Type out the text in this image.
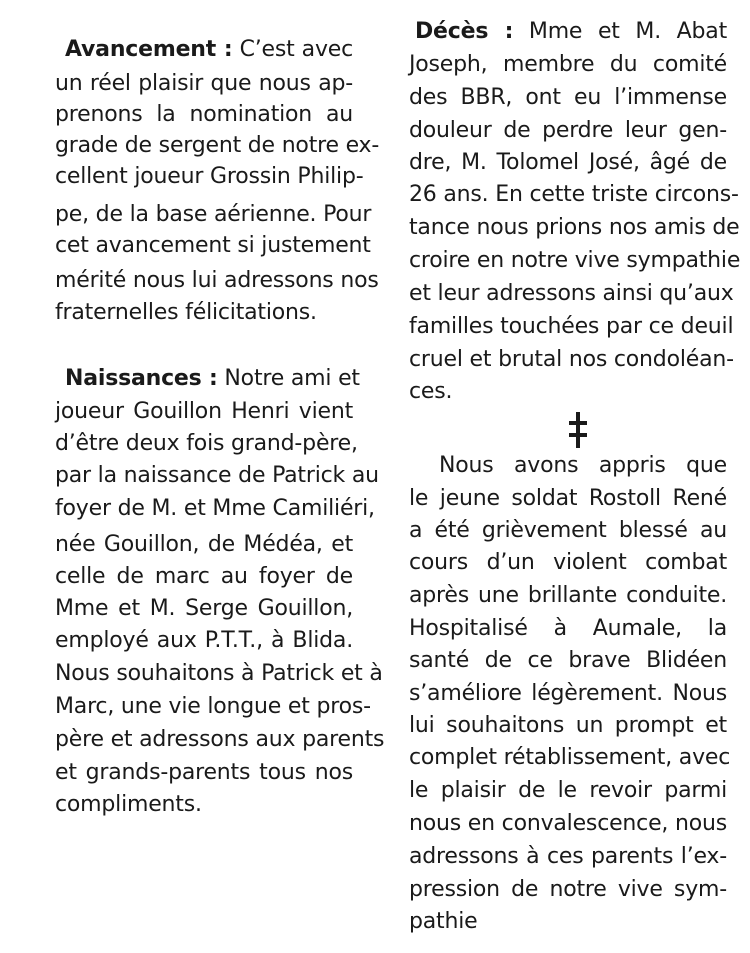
Avancement : C’est avec
un réel plaisir que nous ap-
prenons la nomination au
grade de sergent de notre ex-
cellent joueur Grossin Philip-
pe, de la base aérienne. Pour
cet avancement si justement
mérité nous lui adressons nos
fraternelles félicitations.
Naissances : Notre ami et
joueur Gouillon Henri vient
d’être deux fois grand-père,
par la naissance de Patrick au
foyer de M. et Mme Camiliéri,
née Gouillon, de Médéa, et
celle de marc au foyer de
Mme et M. Serge Gouillon,
employé aux P.T.T., à Blida.
Nous souhaitons à Patrick et à
Marc, une vie longue et pros-
père et adressons aux parents
et grands-parents tous nos
compliments.
Décès : Mme et M. Abat
Joseph, membre du comité
des BBR, ont eu l’immense
douleur de perdre leur gen-
dre, M. Tolomel José, âgé de
26 ans. En cette triste circons-
tance nous prions nos amis de
croire en notre vive sympathie
et leur adressons ainsi qu’aux
familles touchées par ce deuil
cruel et brutal nos condoléan-
ces.
Nous avons appris que
le jeune soldat Rostoll René
a été grièvement blessé au
cours d’un violent combat
après une brillante conduite.
Hospitalisé à Aumale, la
santé de ce brave Blidéen
s’améliore légèrement. Nous
lui souhaitons un prompt et
complet rétablissement, avec
le plaisir de le revoir parmi
nous en convalescence, nous
adressons à ces parents l’ex-
pression de notre vive sym-
pathie
